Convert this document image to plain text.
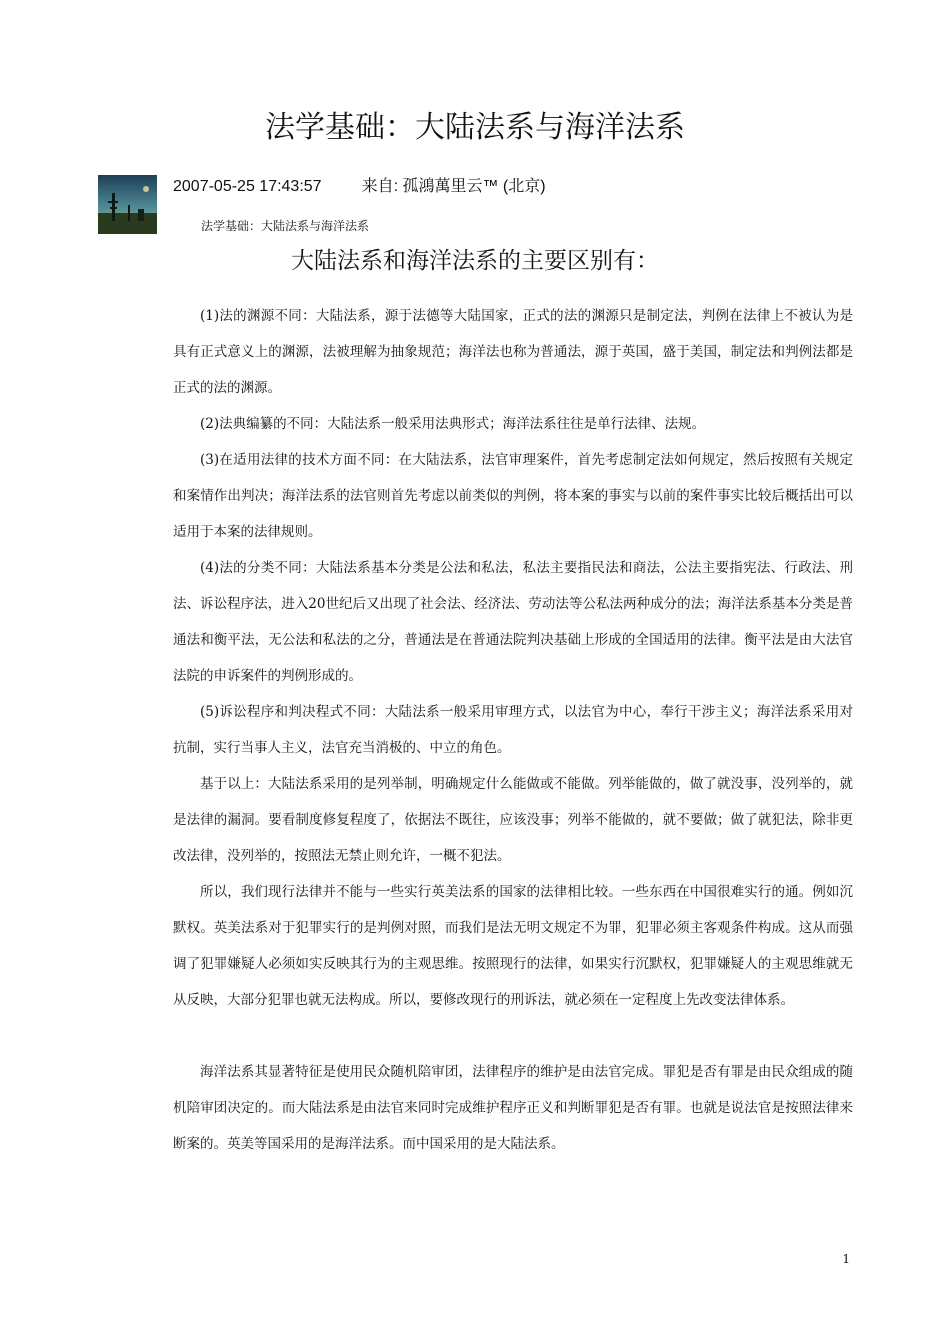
法学基础：大陆法系与海洋法系
2007-05-25 17:43:57	来自: 孤鴻萬里云™ (北京)
法学基础：大陆法系与海洋法系
大陆法系和海洋法系的主要区别有：

(1)法的渊源不同：大陆法系，源于法德等大陆国家，正式的法的渊源只是制定法，判例在法律上不被认为是具有正式意义上的渊源，法被理解为抽象规范；海洋法也称为普通法，源于英国，盛于美国，制定法和判例法都是正式的法的渊源。

(2)法典编纂的不同：大陆法系一般采用法典形式；海洋法系往往是单行法律、法规。

(3)在适用法律的技术方面不同：在大陆法系，法官审理案件，首先考虑制定法如何规定，然后按照有关规定和案情作出判决；海洋法系的法官则首先考虑以前类似的判例，将本案的事实与以前的案件事实比较后概括出可以适用于本案的法律规则。

(4)法的分类不同：大陆法系基本分类是公法和私法，私法主要指民法和商法，公法主要指宪法、行政法、刑法、诉讼程序法，进入20世纪后又出现了社会法、经济法、劳动法等公私法两种成分的法；海洋法系基本分类是普通法和衡平法，无公法和私法的之分，普通法是在普通法院判决基础上形成的全国适用的法律。衡平法是由大法官法院的申诉案件的判例形成的。

(5)诉讼程序和判决程式不同：大陆法系一般采用审理方式，以法官为中心，奉行干涉主义；海洋法系采用对抗制，实行当事人主义，法官充当消极的、中立的角色。

基于以上：大陆法系采用的是列举制，明确规定什么能做或不能做。列举能做的，做了就没事，没列举的，就是法律的漏洞。要看制度修复程度了，依据法不既往，应该没事；列举不能做的，就不要做；做了就犯法，除非更改法律，没列举的，按照法无禁止则允许，一概不犯法。

所以，我们现行法律并不能与一些实行英美法系的国家的法律相比较。一些东西在中国很难实行的通。例如沉默权。英美法系对于犯罪实行的是判例对照，而我们是法无明文规定不为罪，犯罪必须主客观条件构成。这从而强调了犯罪嫌疑人必须如实反映其行为的主观思维。按照现行的法律，如果实行沉默权，犯罪嫌疑人的主观思维就无从反映，大部分犯罪也就无法构成。所以，要修改现行的刑诉法，就必须在一定程度上先改变法律体系。

海洋法系其显著特征是使用民众随机陪审团，法律程序的维护是由法官完成。罪犯是否有罪是由民众组成的随机陪审团决定的。而大陆法系是由法官来同时完成维护程序正义和判断罪犯是否有罪。也就是说法官是按照法律来断案的。英美等国采用的是海洋法系。而中国采用的是大陆法系。

1
